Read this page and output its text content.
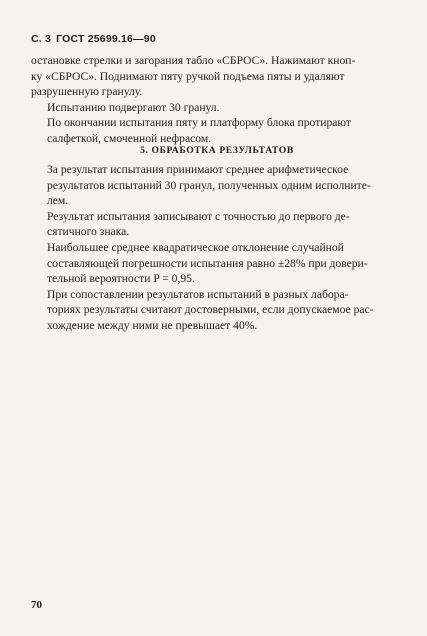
С. 3 ГОСТ 25699.16—90

остановке стрелки и загорания табло «СБРОС». Нажимают кноп-
ку «СБРОС». Поднимают пяту ручкой подъема пяты и удаляют
разрушенную гранулу.

Испытанию подвергают 30 гранул.

По окончании испытания пяту и платформу блока протирают
салфеткой, смоченной нефрасом.

5. ОБРАБОТКА РЕЗУЛЬТАТОВ

За результат испытания принимают среднее арифметическое
результатов испытаний 30 гранул, полученных одним исполните-
лем.

Результат испытания записывают с точностью до первого де-
сятичного знака.

Наибольшее среднее квадратическое отклонение случайной
составляющей погрешности испытания равно ±28% при довери-
тельной вероятности P = 0,95.

При сопоставлении результатов испытаний в разных лабора-
ториях результаты считают достоверными, если допускаемое рас-
хождение между ними не превышает 40%.

70
